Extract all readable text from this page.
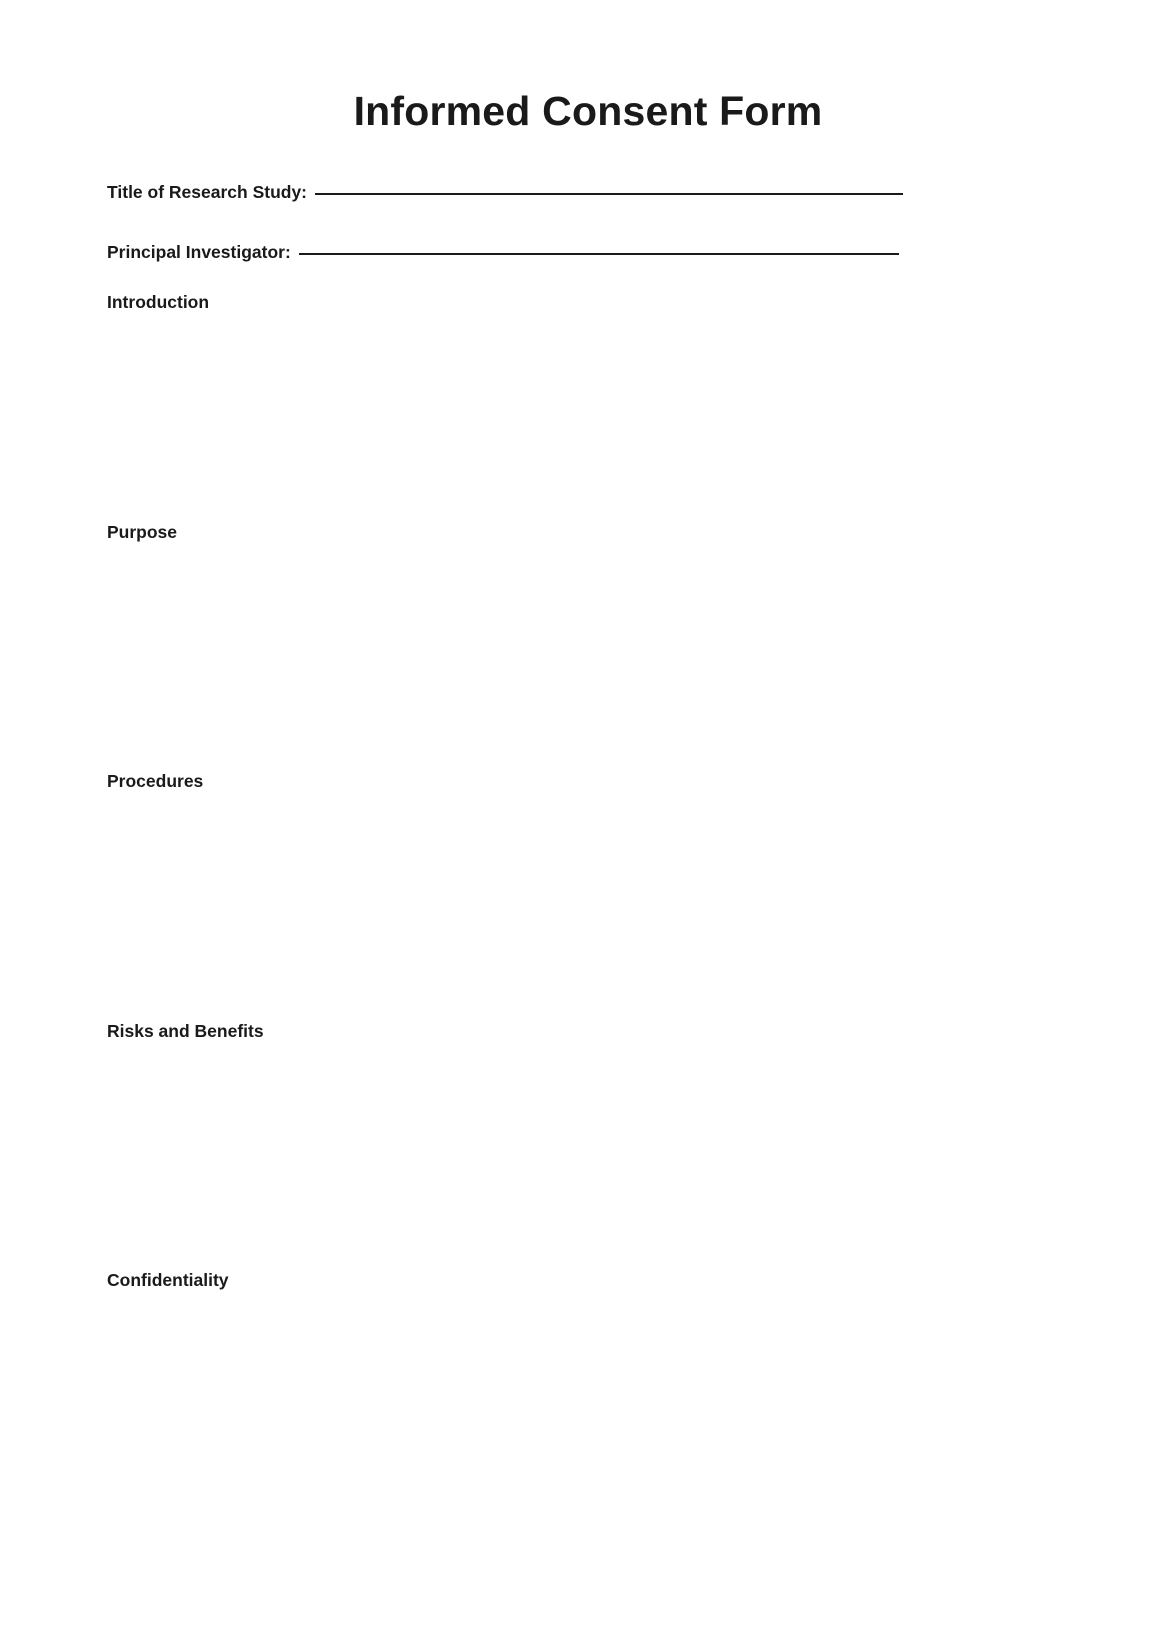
Informed Consent Form
Title of Research Study:
Principal Investigator:
Introduction
Purpose
Procedures
Risks and Benefits
Confidentiality
